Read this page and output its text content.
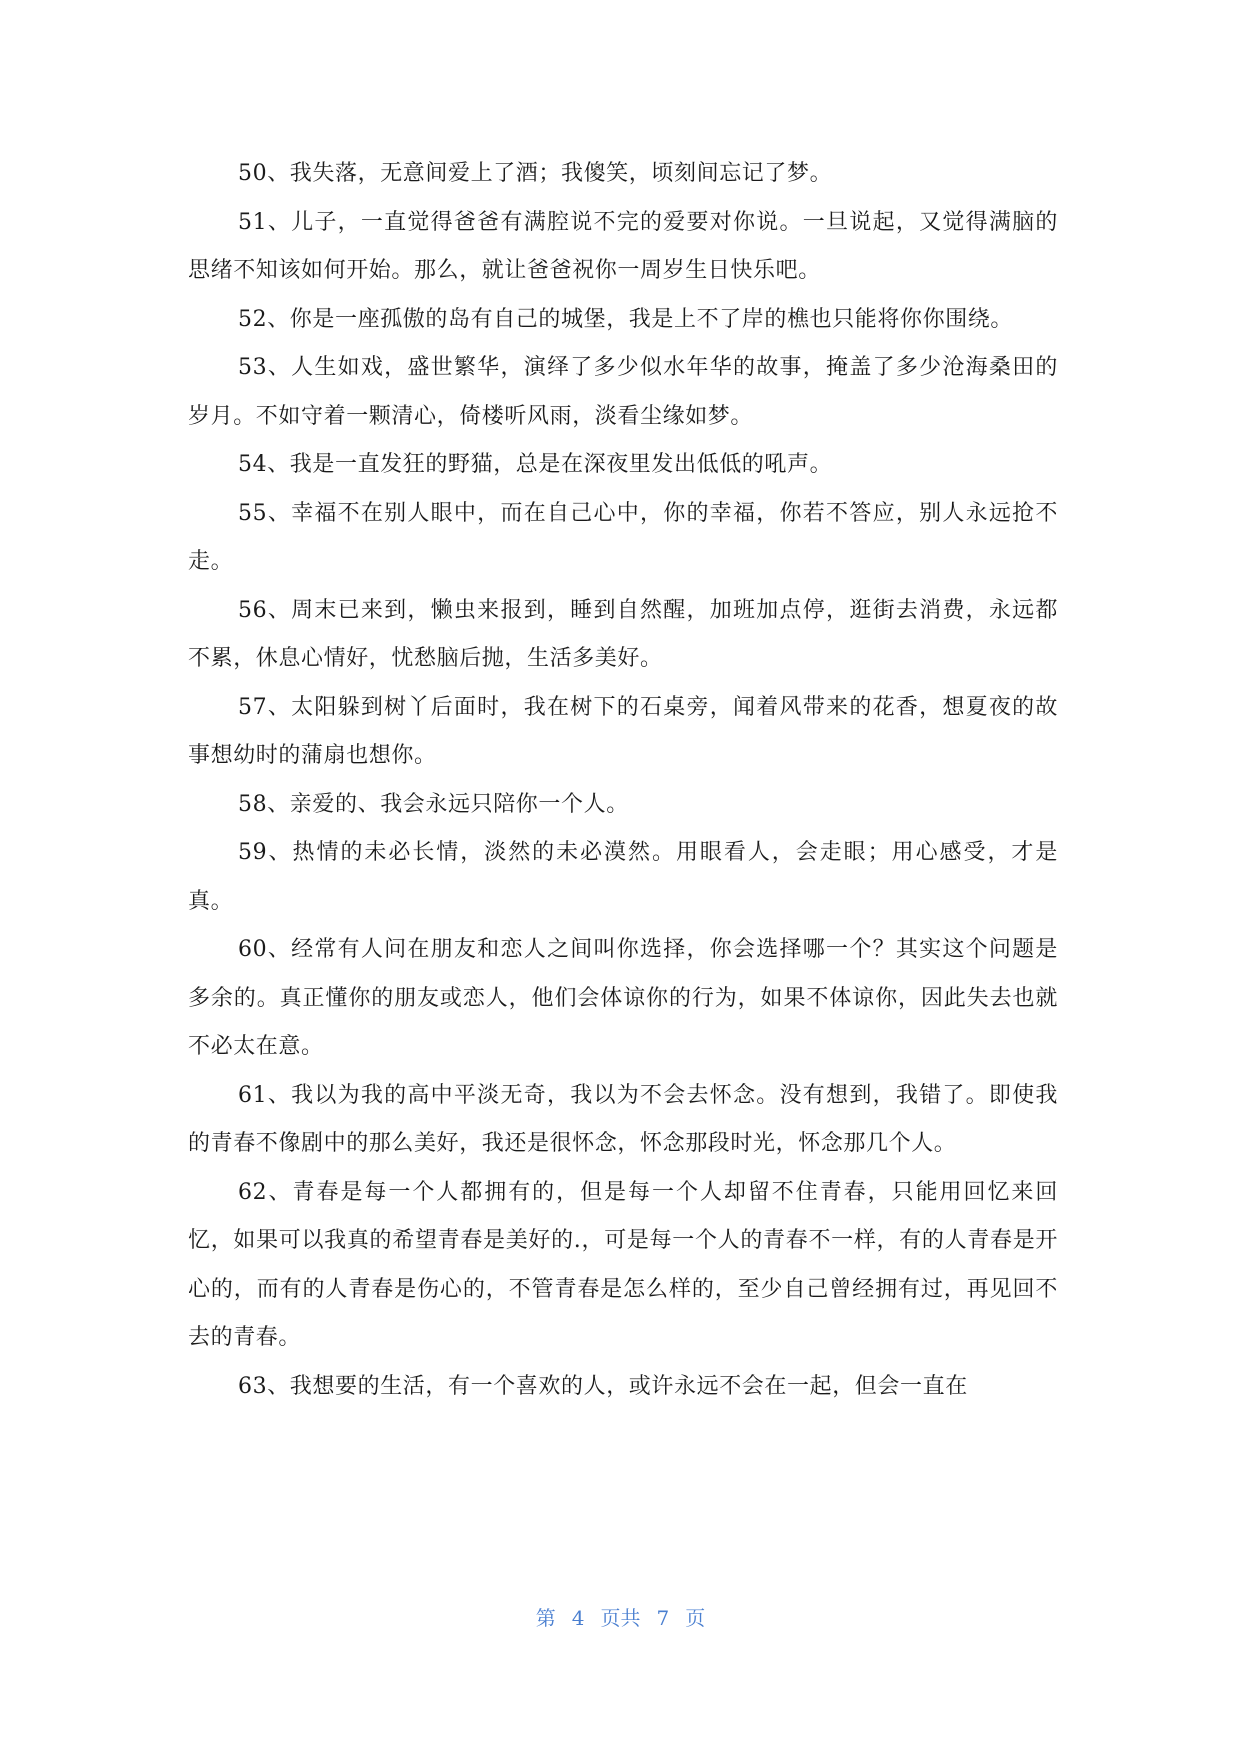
50、我失落，无意间爱上了酒；我傻笑，顷刻间忘记了梦。

51、儿子，一直觉得爸爸有满腔说不完的爱要对你说。一旦说起，又觉得满脑的思绪不知该如何开始。那么，就让爸爸祝你一周岁生日快乐吧。

52、你是一座孤傲的岛有自己的城堡，我是上不了岸的樵也只能将你你围绕。

53、人生如戏，盛世繁华，演绎了多少似水年华的故事，掩盖了多少沧海桑田的岁月。不如守着一颗清心，倚楼听风雨，淡看尘缘如梦。

54、我是一直发狂的野猫，总是在深夜里发出低低的吼声。

55、幸福不在别人眼中，而在自己心中，你的幸福，你若不答应，别人永远抢不走。

56、周末已来到，懒虫来报到，睡到自然醒，加班加点停，逛街去消费，永远都不累，休息心情好，忧愁脑后抛，生活多美好。

57、太阳躲到树丫后面时，我在树下的石桌旁，闻着风带来的花香，想夏夜的故事想幼时的蒲扇也想你。

58、亲爱的、我会永远只陪你一个人。

59、热情的未必长情，淡然的未必漠然。用眼看人，会走眼；用心感受，才是真。

60、经常有人问在朋友和恋人之间叫你选择，你会选择哪一个？其实这个问题是多余的。真正懂你的朋友或恋人，他们会体谅你的行为，如果不体谅你，因此失去也就不必太在意。

61、我以为我的高中平淡无奇，我以为不会去怀念。没有想到，我错了。即使我的青春不像剧中的那么美好，我还是很怀念，怀念那段时光，怀念那几个人。

62、青春是每一个人都拥有的，但是每一个人却留不住青春，只能用回忆来回忆，如果可以我真的希望青春是美好的.，可是每一个人的青春不一样，有的人青春是开心的，而有的人青春是伤心的，不管青春是怎么样的，至少自己曾经拥有过，再见回不去的青春。

63、我想要的生活，有一个喜欢的人，或许永远不会在一起，但会一直在

第 4 页共 7 页
